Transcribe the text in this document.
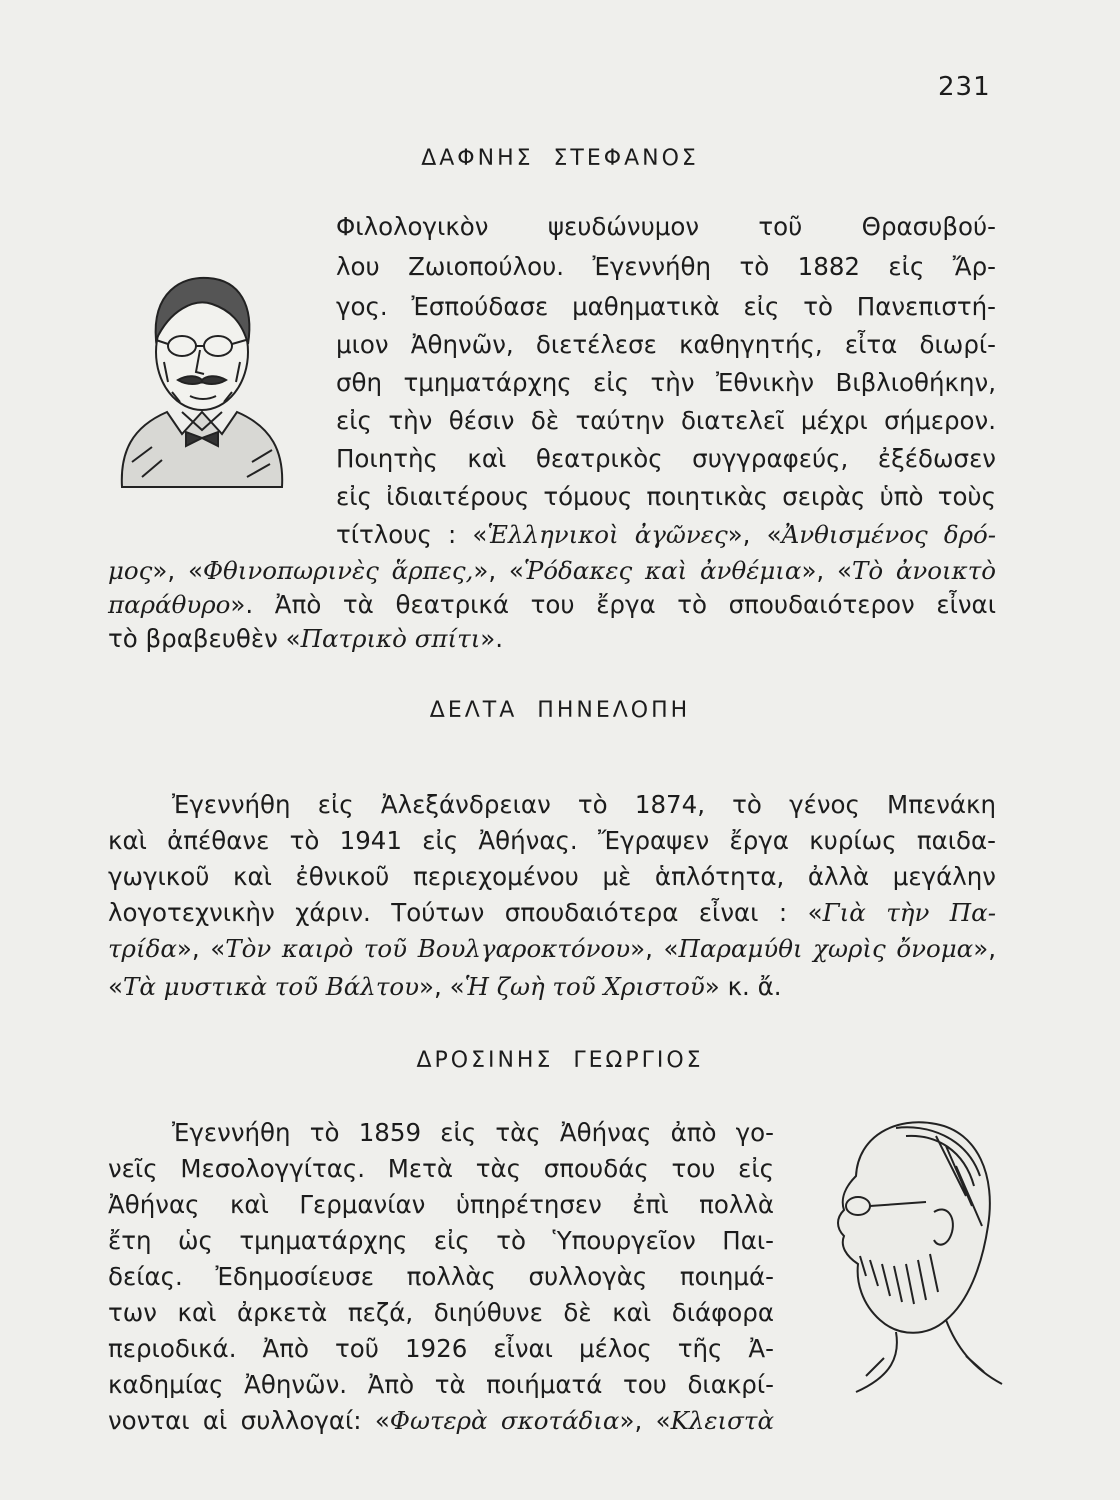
231
ΔΑΦΝΗΣ ΣΤΕΦΑΝΟΣ
Φιλολογικὸν ψευδώνυμον τοῦ Θρασυβού-
λου Ζωιοπούλου. Ἐγεννήθη τὸ 1882 εἰς Ἄρ-
γος. Ἐσπούδασε μαθηματικὰ εἰς τὸ Πανεπιστή-
μιον Ἀθηνῶν, διετέλεσε καθηγητής, εἶτα διωρί-
σθη τμηματάρχης εἰς τὴν Ἐθνικὴν Βιβλιοθήκην,
εἰς τὴν θέσιν δὲ ταύτην διατελεῖ μέχρι σήμερον.
Ποιητὴς καὶ θεατρικὸς συγγραφεύς, ἐξέδωσεν
εἰς ἰδιαιτέρους τόμους ποιητικὰς σειρὰς ὑπὸ τοὺς
τίτλους : «Ἑλληνικοὶ ἀγῶνες», «Ἀνθισμένος δρό-
μος», «Φθινοπωρινὲς ἅρπες,», «Ῥόδακες καὶ ἀνθέμια», «Τὸ ἀνοικτὸ
παράθυρο». Ἀπὸ τὰ θεατρικά του ἔργα τὸ σπουδαιότερον εἶναι
τὸ βραβευθὲν «Πατρικὸ σπίτι».
ΔΕΛΤΑ ΠΗΝΕΛΟΠΗ
Ἐγεννήθη εἰς Ἀλεξάνδρειαν τὸ 1874, τὸ γένος Μπενάκη
καὶ ἀπέθανε τὸ 1941 εἰς Ἀθήνας. Ἔγραψεν ἔργα κυρίως παιδα-
γωγικοῦ καὶ ἐθνικοῦ περιεχομένου μὲ ἁπλότητα, ἀλλὰ μεγάλην
λογοτεχνικὴν χάριν. Τούτων σπουδαιότερα εἶναι : «Γιὰ τὴν Πα-
τρίδα», «Τὸν καιρὸ τοῦ Βουλγαροκτόνου», «Παραμύθι χωρὶς ὄνομα»,
«Τὰ μυστικὰ τοῦ Βάλτου», «Ἡ ζωὴ τοῦ Χριστοῦ» κ. ἄ.
ΔΡΟΣΙΝΗΣ ΓΕΩΡΓΙΟΣ
Ἐγεννήθη τὸ 1859 εἰς τὰς Ἀθήνας ἀπὸ γο-
νεῖς Μεσολογγίτας. Μετὰ τὰς σπουδάς του εἰς
Ἀθήνας καὶ Γερμανίαν ὑπηρέτησεν ἐπὶ πολλὰ
ἔτη ὡς τμηματάρχης εἰς τὸ Ὑπουργεῖον Παι-
δείας. Ἐδημοσίευσε πολλὰς συλλογὰς ποιημά-
των καὶ ἀρκετὰ πεζά, διηύθυνε δὲ καὶ διάφορα
περιοδικά. Ἀπὸ τοῦ 1926 εἶναι μέλος τῆς Ἀ-
καδημίας Ἀθηνῶν. Ἀπὸ τὰ ποιήματά του διακρί-
νονται αἱ συλλογαί: «Φωτερὰ σκοτάδια», «Κλειστὰ
